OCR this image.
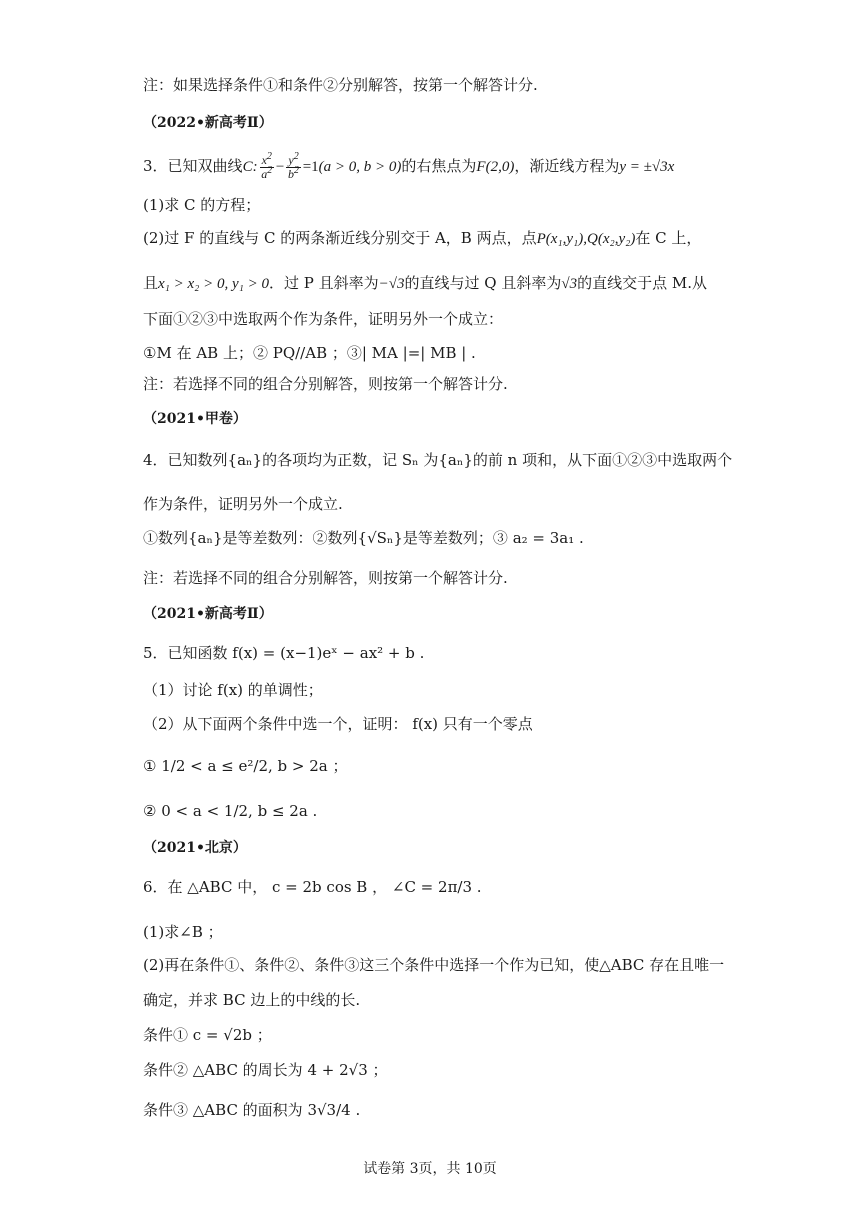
注：如果选择条件①和条件②分别解答，按第一个解答计分.
（2022•新高考Ⅱ）
3．已知双曲线C: $\frac{x^2}{a^2} - \frac{y^2}{b^2} =1(a > 0$, b > 0)的右焦点为F(2,0)，渐近线方程为y = ±√3x
(1)求 C 的方程；
(2)过 F 的直线与 C 的两条渐近线分别交于 A，B 两点，点P(x₁,y₁),Q(x₂,y₂)在 C 上，
且x₁ > x₂ > 0, y₁ > 0．过 P 且斜率为−√3的直线与过 Q 且斜率为√3的直线交于点 M.从
下面①②③中选取两个作为条件，证明另外一个成立：
①M 在 AB 上；② PQ//AB ；③| MA |=| MB | .
注：若选择不同的组合分别解答，则按第一个解答计分.
（2021•甲卷）
4．已知数列{aₙ}的各项均为正数，记 Sₙ 为{aₙ}的前 n 项和，从下面①②③中选取两个
作为条件，证明另外一个成立.
①数列{aₙ}是等差数列：②数列{√Sₙ}是等差数列；③ a₂ = 3a₁ .
注：若选择不同的组合分别解答，则按第一个解答计分.
（2021•新高考Ⅱ）
5．已知函数 f(x) = (x−1)eˣ − ax² + b .
（1）讨论 f(x) 的单调性；
（2）从下面两个条件中选一个，证明： f(x) 只有一个零点
① 1/2 < a ≤ e²/2, b > 2a ；
② 0 < a < 1/2, b ≤ 2a .
（2021•北京）
6．在 △ABC 中， c = 2b cos B ， ∠C = 2π/3 .
(1)求∠B ；
(2)再在条件①、条件②、条件③这三个条件中选择一个作为已知，使△ABC 存在且唯一
确定，并求 BC 边上的中线的长.
条件① c = √2b ；
条件② △ABC 的周长为 4 + 2√3 ；
条件③ △ABC 的面积为 3√3/4 .
试卷第 3页，共 10页
